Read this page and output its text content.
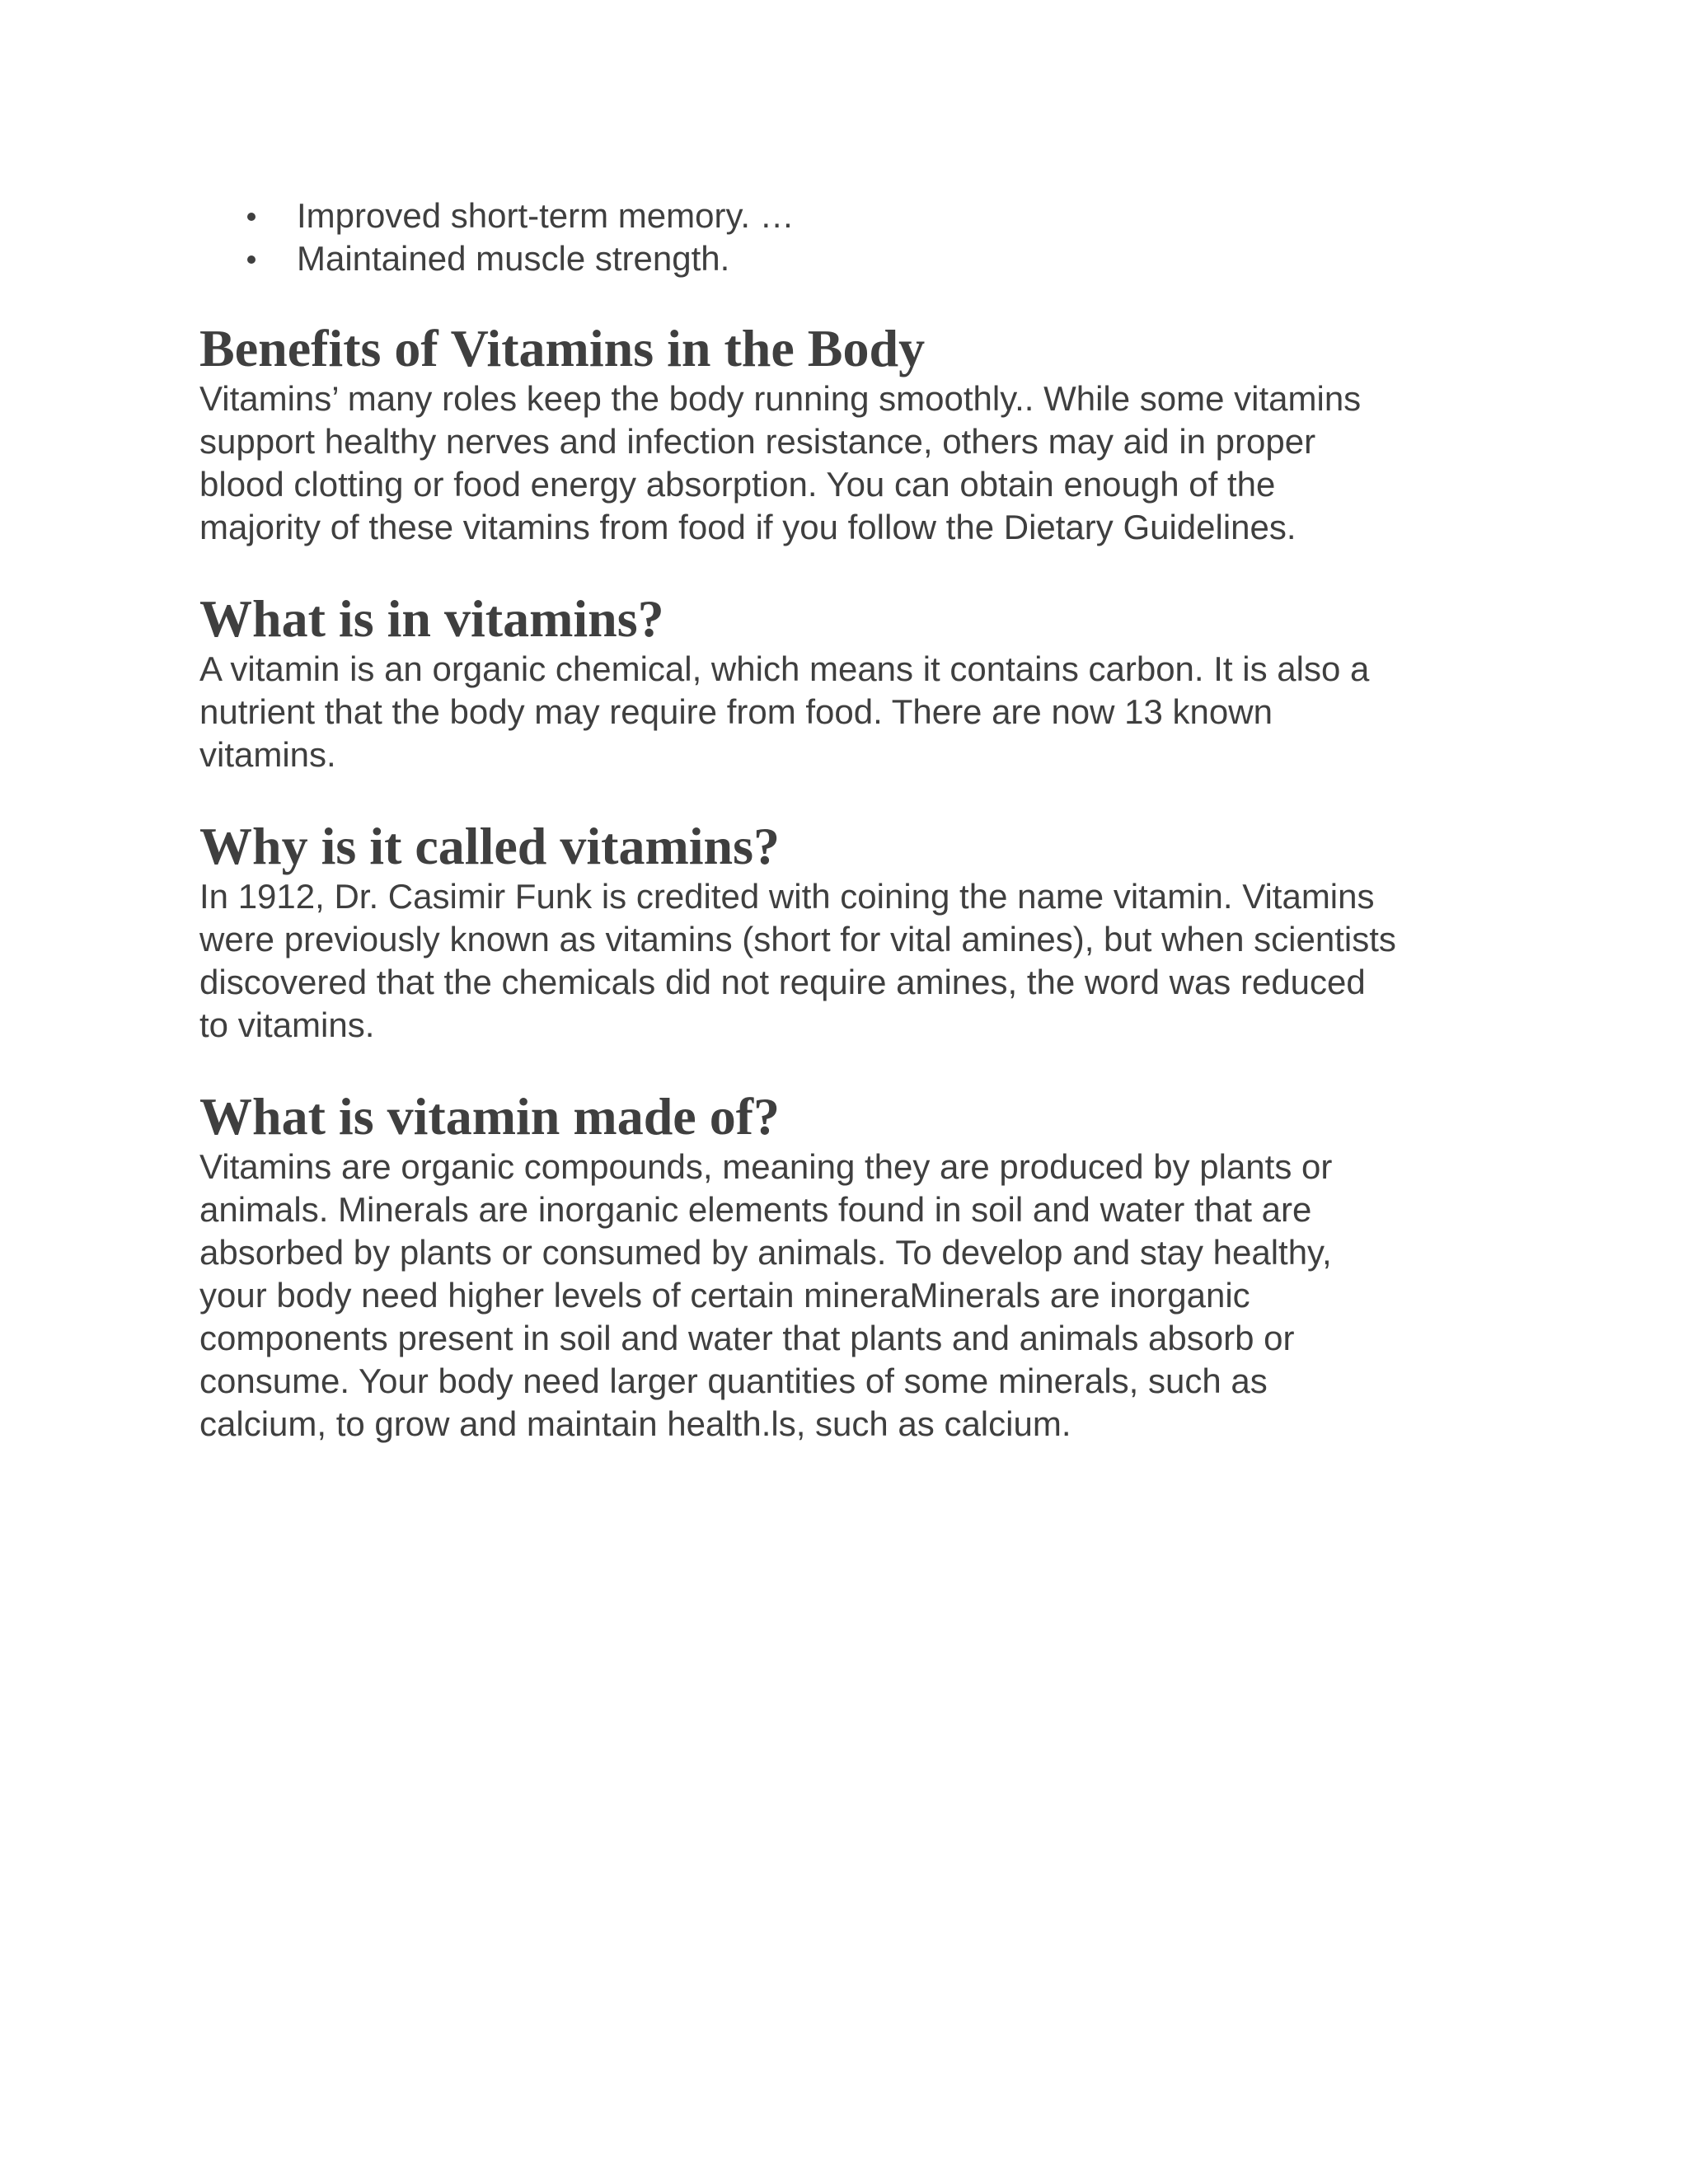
Improved short-term memory. …
Maintained muscle strength.
Benefits of Vitamins in the Body

Vitamins’ many roles keep the body running smoothly.. While some vitamins
support healthy nerves and infection resistance, others may aid in proper
blood clotting or food energy absorption. You can obtain enough of the
majority of these vitamins from food if you follow the Dietary Guidelines.

What is in vitamins?

A vitamin is an organic chemical, which means it contains carbon. It is also a
nutrient that the body may require from food. There are now 13 known
vitamins.

Why is it called vitamins?

In 1912, Dr. Casimir Funk is credited with coining the name vitamin. Vitamins
were previously known as vitamins (short for vital amines), but when scientists
discovered that the chemicals did not require amines, the word was reduced
to vitamins.

What is vitamin made of?

Vitamins are organic compounds, meaning they are produced by plants or
animals. Minerals are inorganic elements found in soil and water that are
absorbed by plants or consumed by animals. To develop and stay healthy,
your body need higher levels of certain mineraMinerals are inorganic
components present in soil and water that plants and animals absorb or
consume. Your body need larger quantities of some minerals, such as
calcium, to grow and maintain health.ls, such as calcium.
